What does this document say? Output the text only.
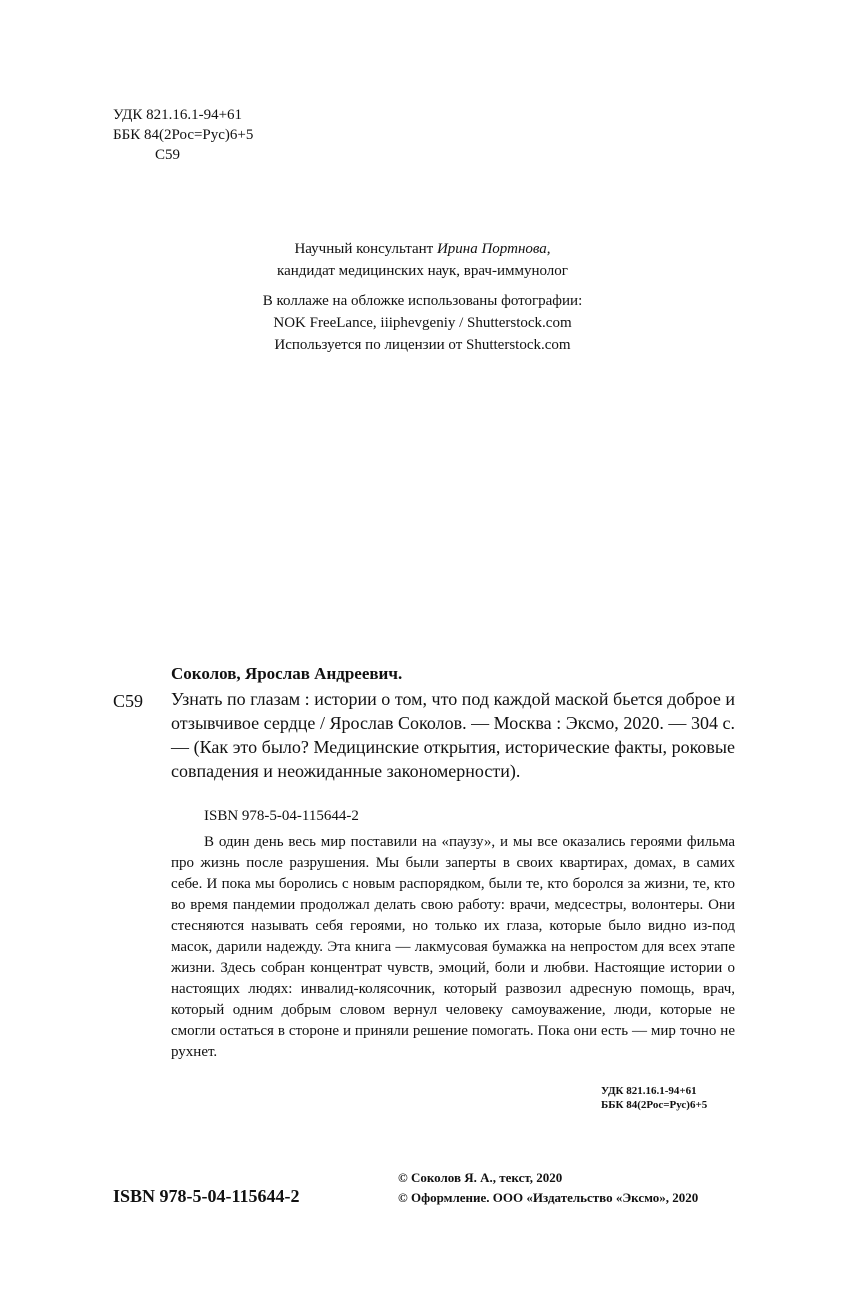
УДК 821.16.1-94+61
ББК 84(2Рос=Рус)6+5
С59
Научный консультант Ирина Портнова,
кандидат медицинских наук, врач-иммунолог
В коллаже на обложке использованы фотографии:
NOK FreeLance, iiiphevgeniy / Shutterstock.com
Используется по лицензии от Shutterstock.com
Соколов, Ярослав Андреевич.
С59 Узнать по глазам : истории о том, что под каждой маской бьется доброе и отзывчивое сердце / Ярослав Соколов. — Москва : Эксмо, 2020. — 304 с. — (Как это было? Медицинские открытия, исторические факты, роковые совпадения и неожиданные закономерности).
ISBN 978-5-04-115644-2
В один день весь мир поставили на «паузу», и мы все оказались героями фильма про жизнь после разрушения. Мы были заперты в своих квартирах, домах, в самих себе. И пока мы боролись с новым распорядком, были те, кто боролся за жизни, те, кто во время пандемии продолжал делать свою работу: врачи, медсестры, волонтеры. Они стесняются называть себя героями, но только их глаза, которые было видно из-под масок, дарили надежду. Эта книга — лакмусовая бумажка на непростом для всех этапе жизни. Здесь собран концентрат чувств, эмоций, боли и любви. Настоящие истории о настоящих людях: инвалид-колясочник, который развозил адресную помощь, врач, который одним добрым словом вернул человеку самоуважение, люди, которые не смогли остаться в стороне и приняли решение помогать. Пока они есть — мир точно не рухнет.
УДК 821.16.1-94+61
ББК 84(2Рос=Рус)6+5
ISBN 978-5-04-115644-2
© Соколов Я. А., текст, 2020
© Оформление. ООО «Издательство «Эксмо», 2020
